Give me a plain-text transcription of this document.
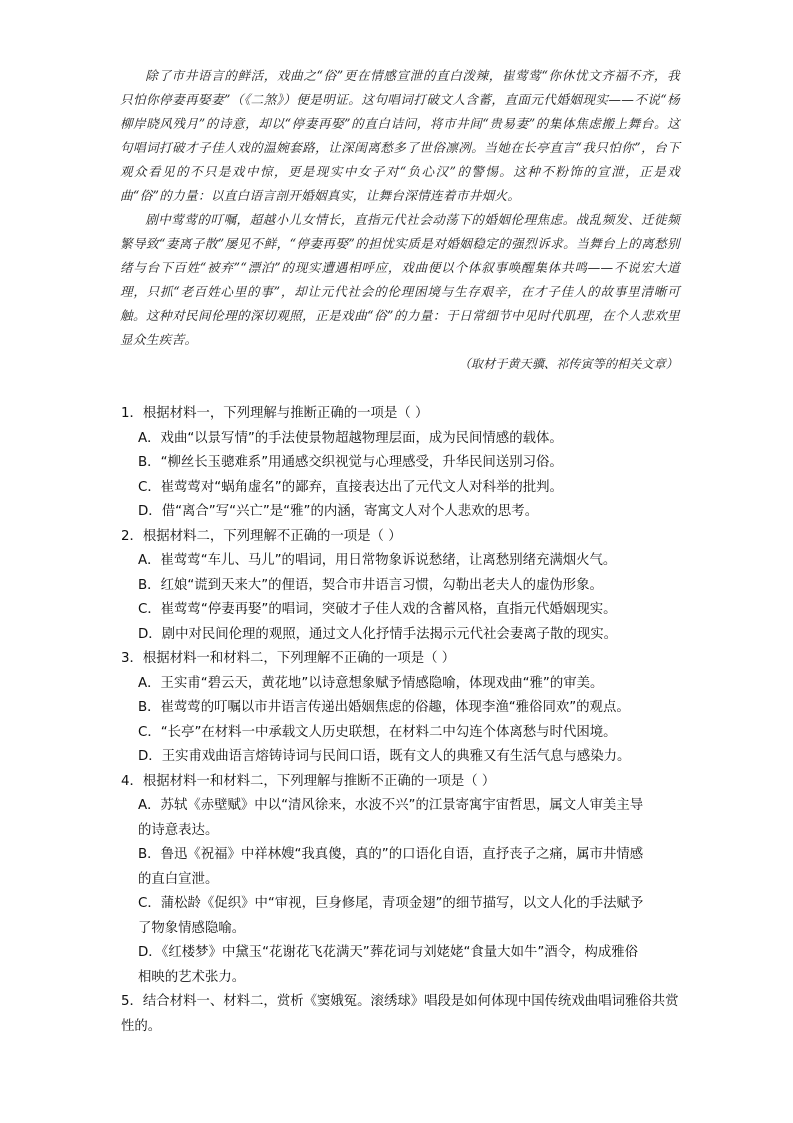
除了市井语言的鲜活，戏曲之“俗”更在情感宣泄的直白泼辣，崔莺莺“你休忧文齐福不齐，我只怕你停妻再娶妻”（《二煞》）便是明证。这句唱词打破文人含蓄，直面元代婚姻现实——不说“杨柳岸晓风残月”的诗意，却以“停妻再娶”的直白诘问，将市井间“贵易妻”的集体焦虑搬上舞台。这句唱词打破才子佳人戏的温婉套路，让深闺离愁多了世俗凛冽。当她在长亭直言“我只怕你”，台下观众看见的不只是戏中惊，更是现实中女子对“负心汉”的警惕。这种不粉饰的宣泄，正是戏曲“俗”的力量：以直白语言剖开婚姻真实，让舞台深情连着市井烟火。

剧中莺莺的叮嘱，超越小儿女情长，直指元代社会动荡下的婚姻伦理焦虑。战乱频发、迁徙频繁导致“妻离子散”屡见不鲜，“停妻再娶”的担忧实质是对婚姻稳定的强烈诉求。当舞台上的离愁别绪与台下百姓“被弃”“漂泊”的现实遭遇相呼应，戏曲便以个体叙事唤醒集体共鸣——不说宏大道理，只抓“老百姓心里的事”，却让元代社会的伦理困境与生存艰辛，在才子佳人的故事里清晰可触。这种对民间伦理的深切观照，正是戏曲“俗”的力量：于日常细节中见时代肌理，在个人悲欢里显众生疾苦。

（取材于黄天骥、祁传寅等的相关文章）

1．根据材料一，下列理解与推断正确的一项是（ ）

A．戏曲“以景写情”的手法使景物超越物理层面，成为民间情感的载体。

B．“柳丝长玉骢难系”用通感交织视觉与心理感受，升华民间送别习俗。

C．崔莺莺对“蜗角虚名”的鄙弃，直接表达出了元代文人对科举的批判。

D．借“离合”写“兴亡”是“雅”的内涵，寄寓文人对个人悲欢的思考。

2．根据材料二，下列理解不正确的一项是（ ）

A．崔莺莺“车儿、马儿”的唱词，用日常物象诉说愁绪，让离愁别绪充满烟火气。

B．红娘“谎到天来大”的俚语，契合市井语言习惯，勾勒出老夫人的虚伪形象。

C．崔莺莺“停妻再娶”的唱词，突破才子佳人戏的含蓄风格，直指元代婚姻现实。

D．剧中对民间伦理的观照，通过文人化抒情手法揭示元代社会妻离子散的现实。

3．根据材料一和材料二，下列理解不正确的一项是（ ）

A．王实甫“碧云天，黄花地”以诗意想象赋予情感隐喻，体现戏曲“雅”的审美。

B．崔莺莺的叮嘱以市井语言传递出婚姻焦虑的俗趣，体现李渔“雅俗同欢”的观点。

C．“长亭”在材料一中承载文人历史联想，在材料二中勾连个体离愁与时代困境。

D．王实甫戏曲语言熔铸诗词与民间口语，既有文人的典雅又有生活气息与感染力。

4．根据材料一和材料二，下列理解与推断不正确的一项是（ ）

A．苏轼《赤壁赋》中以“清风徐来，水波不兴”的江景寄寓宇宙哲思，属文人审美主导
的诗意表达。
B．鲁迅《祝福》中祥林嫂“我真傻，真的”的口语化自语，直抒丧子之痛，属市井情感
的直白宣泄。
C．蒲松龄《促织》中“审视，巨身修尾，青项金翅”的细节描写，以文人化的手法赋予
了物象情感隐喻。
D．《红楼梦》中黛玉“花谢花飞花满天”葬花词与刘姥姥“食量大如牛”酒令，构成雅俗
相映的艺术张力。

5．结合材料一、材料二，赏析《窦娥冤。滚绣球》唱段是如何体现中国传统戏曲唱词雅俗共赏性的。
